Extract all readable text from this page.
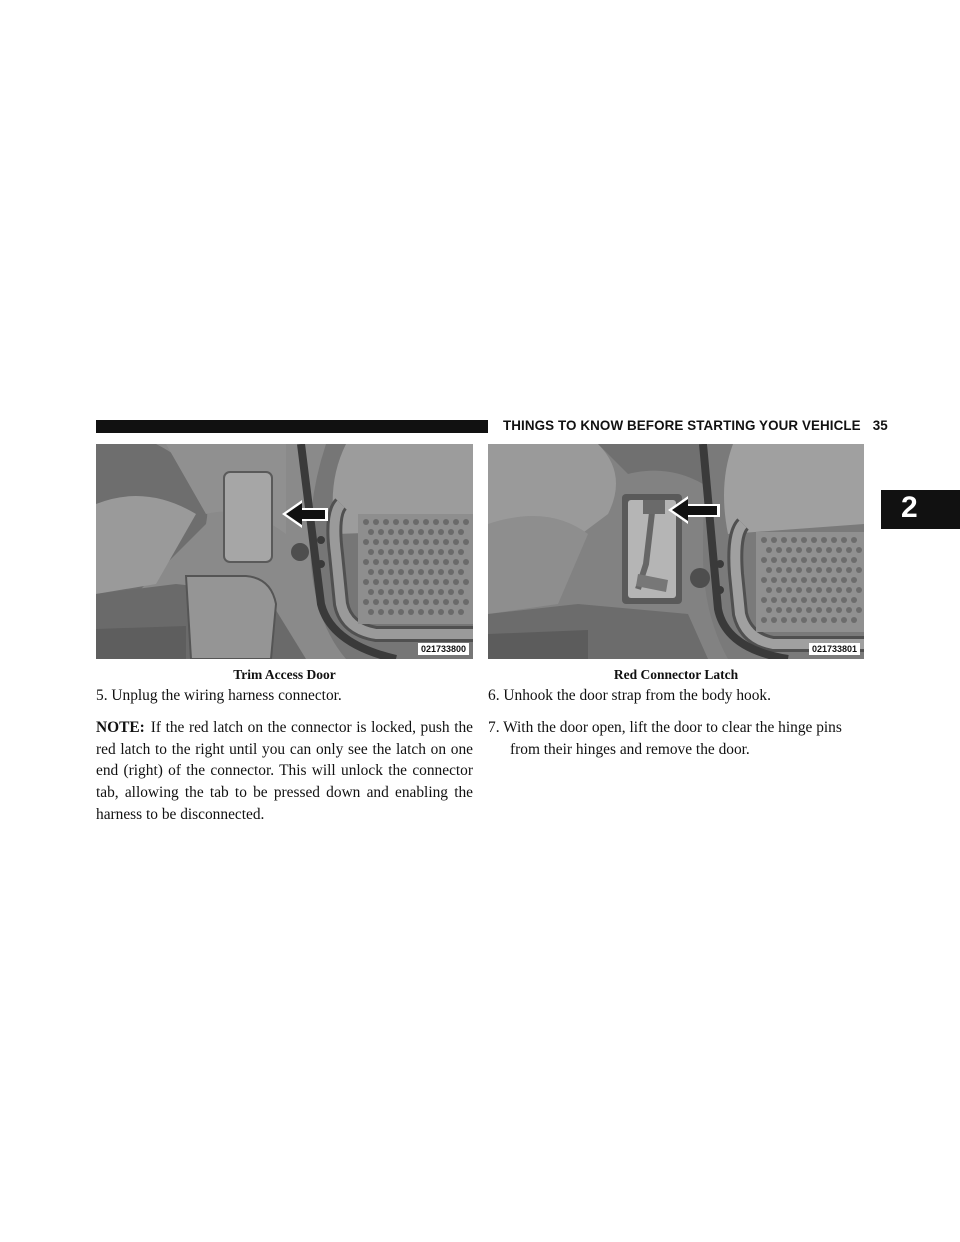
THINGS TO KNOW BEFORE STARTING YOUR VEHICLE 35
2
021733800	021733801
Trim Access Door	Red Connector Latch

5. Unplug the wiring harness connector.

NOTE: If the red latch on the connector is locked, push the red latch to the right until you can only see the latch on one end (right) of the connector. This will unlock the connector tab, allowing the tab to be pressed down and enabling the harness to be disconnected.

6. Unhook the door strap from the body hook.

7. With the door open, lift the door to clear the hinge pins from their hinges and remove the door.
